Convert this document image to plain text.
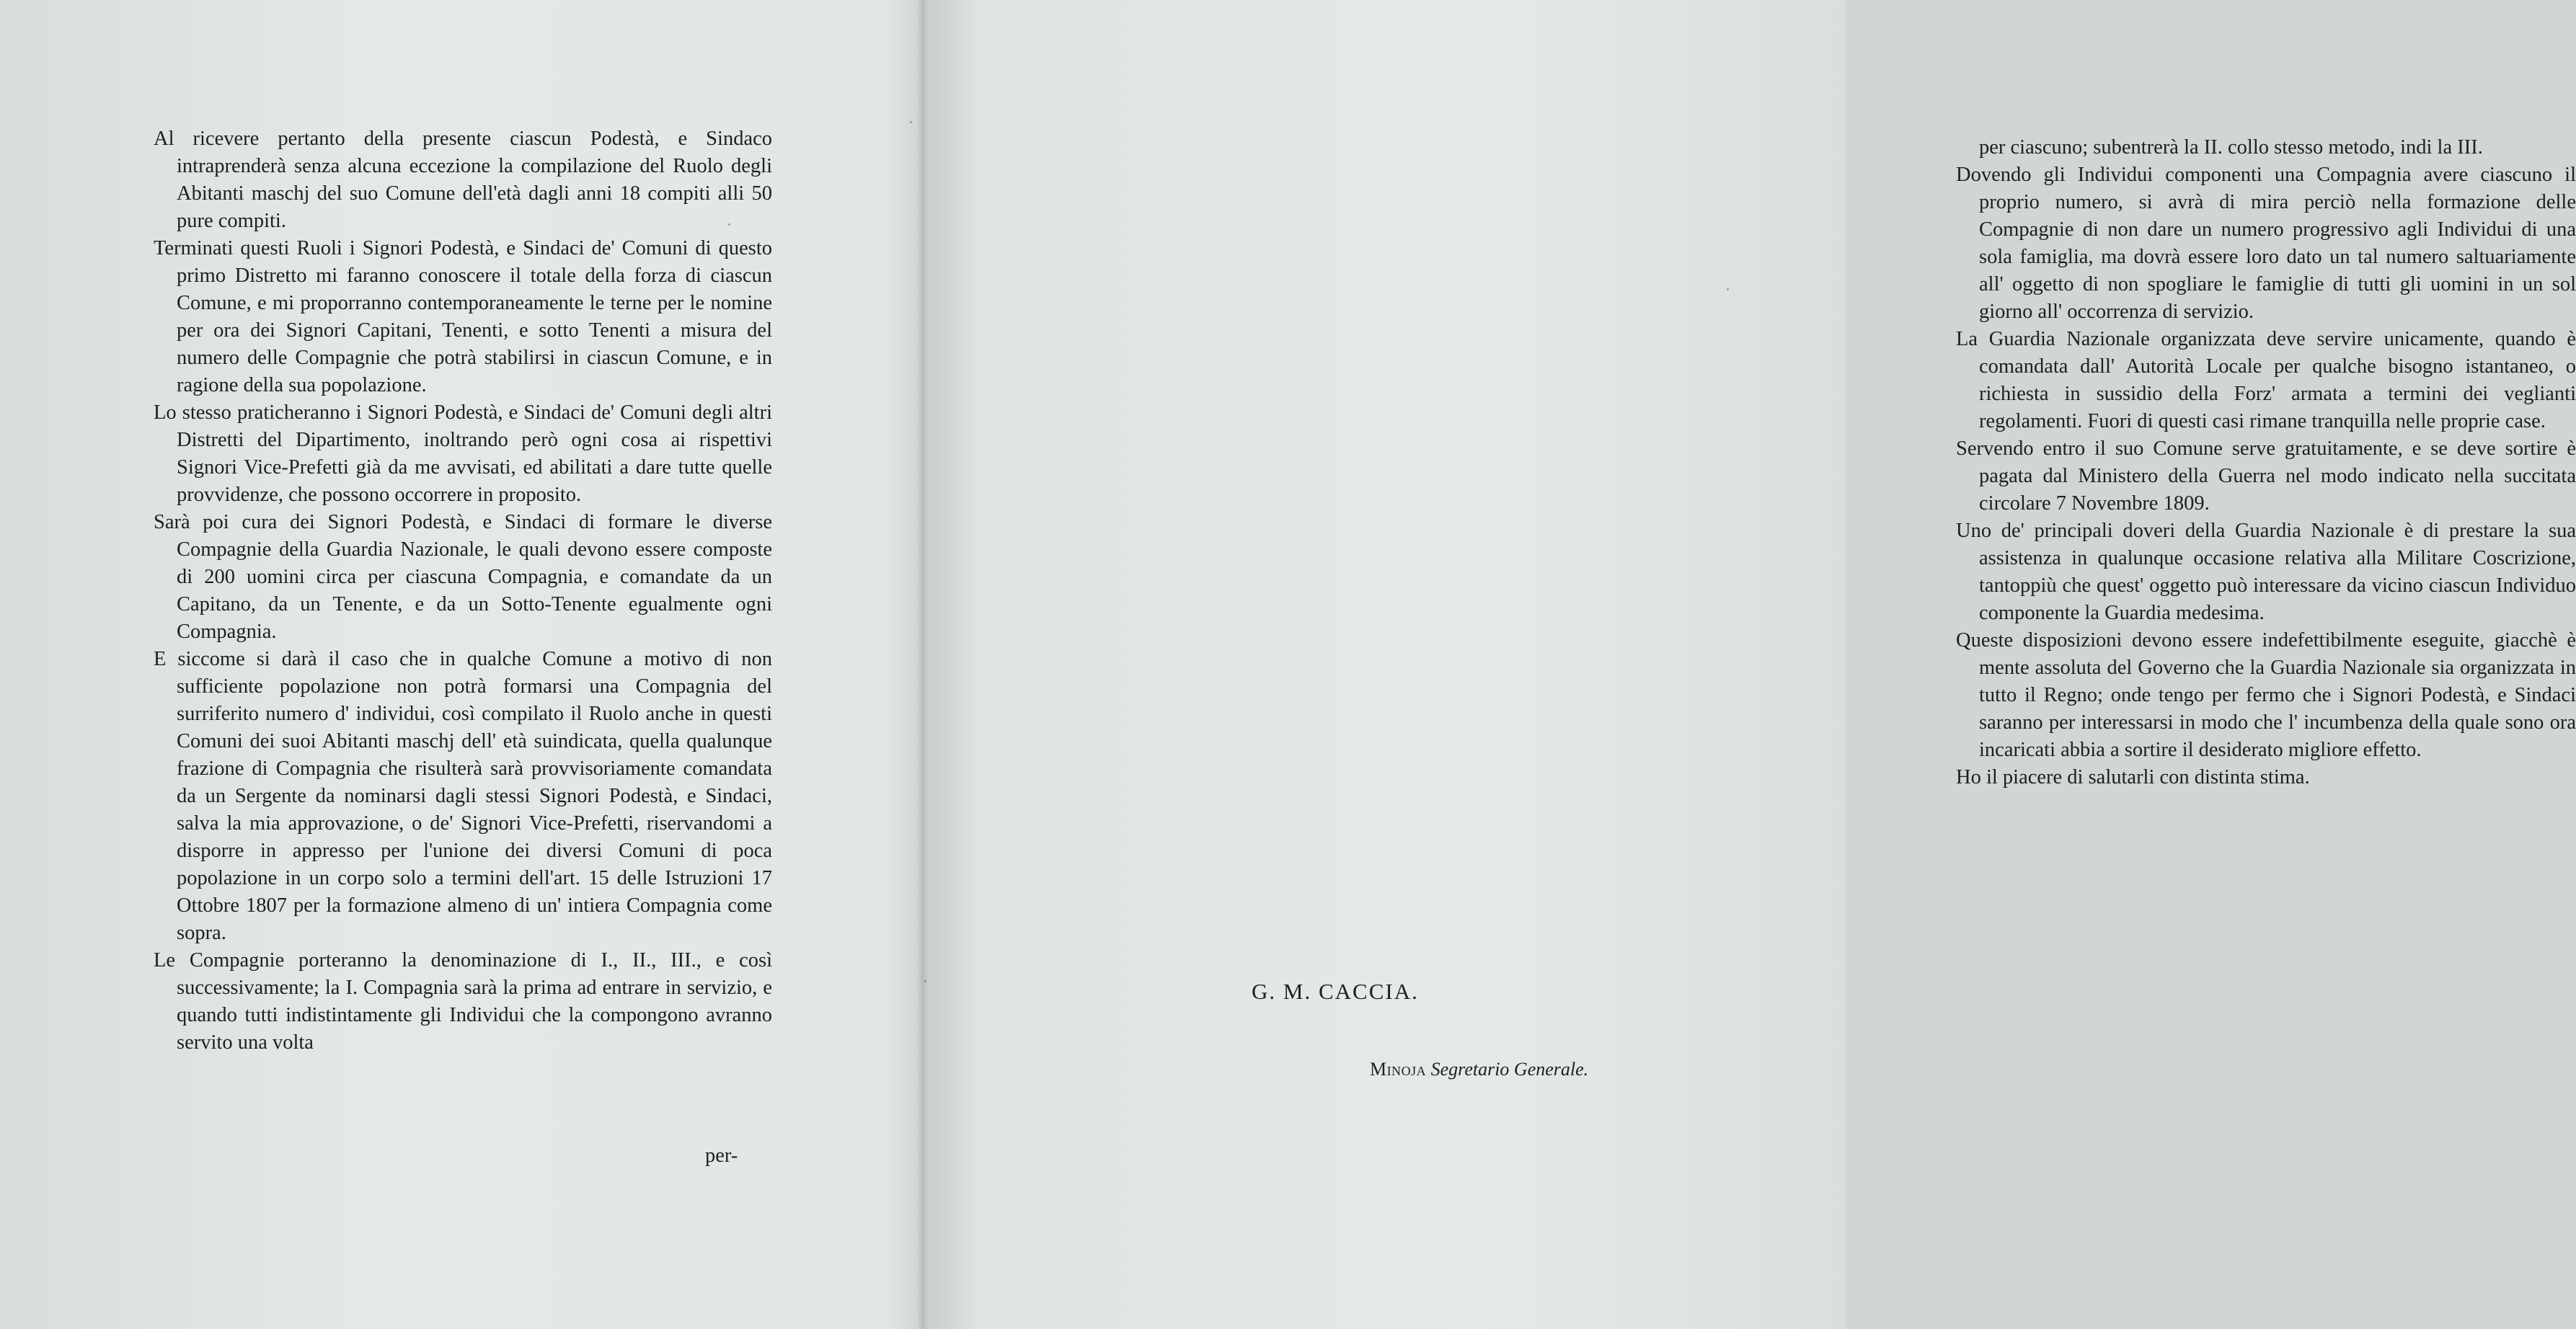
Al ricevere pertanto della presente ciascun Podestà, e Sindaco intraprenderà senza alcuna eccezione la compilazione del Ruolo degli Abitanti maschj del suo Comune dell'età dagli anni 18 compiti alli 50 pure compiti.

Terminati questi Ruoli i Signori Podestà, e Sindaci de' Comuni di questo primo Distretto mi faranno conoscere il totale della forza di ciascun Comune, e mi proporranno contemporaneamente le terne per le nomine per ora dei Signori Capitani, Tenenti, e sotto Tenenti a misura del numero delle Compagnie che potrà stabilirsi in ciascun Comune, e in ragione della sua popolazione.

Lo stesso praticheranno i Signori Podestà, e Sindaci de' Comuni degli altri Distretti del Dipartimento, inoltrando però ogni cosa ai rispettivi Signori Vice-Prefetti già da me avvisati, ed abilitati a dare tutte quelle provvidenze, che possono occorrere in proposito.

Sarà poi cura dei Signori Podestà, e Sindaci di formare le diverse Compagnie della Guardia Nazionale, le quali devono essere composte di 200 uomini circa per ciascuna Compagnia, e comandate da un Capitano, da un Tenente, e da un Sotto-Tenente egualmente ogni Compagnia.

E siccome si darà il caso che in qualche Comune a motivo di non sufficiente popolazione non potrà formarsi una Compagnia del surriferito numero d' individui, così compilato il Ruolo anche in questi Comuni dei suoi Abitanti maschj dell' età suindicata, quella qualunque frazione di Compagnia che risulterà sarà provvisoriamente comandata da un Sergente da nominarsi dagli stessi Signori Podestà, e Sindaci, salva la mia approvazione, o de' Signori Vice-Prefetti, riservandomi a disporre in appresso per l'unione dei diversi Comuni di poca popolazione in un corpo solo a termini dell'art. 15 delle Istruzioni 17 Ottobre 1807 per la formazione almeno di un' intiera Compagnia come sopra.

Le Compagnie porteranno la denominazione di I., II., III., e così successivamente; la I. Compagnia sarà la prima ad entrare in servizio, e quando tutti indistintamente gli Individui che la compongono avranno servito una volta

per-

per ciascuno; subentrerà la II. collo stesso metodo, indi la III.

Dovendo gli Individui componenti una Compagnia avere ciascuno il proprio numero, si avrà di mira perciò nella formazione delle Compagnie di non dare un numero progressivo agli Individui di una sola famiglia, ma dovrà essere loro dato un tal numero saltuariamente all' oggetto di non spogliare le famiglie di tutti gli uomini in un sol giorno all' occorrenza di servizio.

La Guardia Nazionale organizzata deve servire unicamente, quando è comandata dall' Autorità Locale per qualche bisogno istantaneo, o richiesta in sussidio della Forz' armata a termini dei veglianti regolamenti. Fuori di questi casi rimane tranquilla nelle proprie case.

Servendo entro il suo Comune serve gratuitamente, e se deve sortire è pagata dal Ministero della Guerra nel modo indicato nella succitata circolare 7 Novembre 1809.

Uno de' principali doveri della Guardia Nazionale è di prestare la sua assistenza in qualunque occasione relativa alla Militare Coscrizione, tantoppiù che quest' oggetto può interessare da vicino ciascun Individuo componente la Guardia medesima.

Queste disposizioni devono essere indefettibilmente eseguite, giacchè è mente assoluta del Governo che la Guardia Nazionale sia organizzata in tutto il Regno; onde tengo per fermo che i Signori Podestà, e Sindaci saranno per interessarsi in modo che l' incumbenza della quale sono ora incaricati abbia a sortire il desiderato migliore effetto.

Ho il piacere di salutarli con distinta stima.

G. M. CACCIA.
Minoja Segretario Generale.
